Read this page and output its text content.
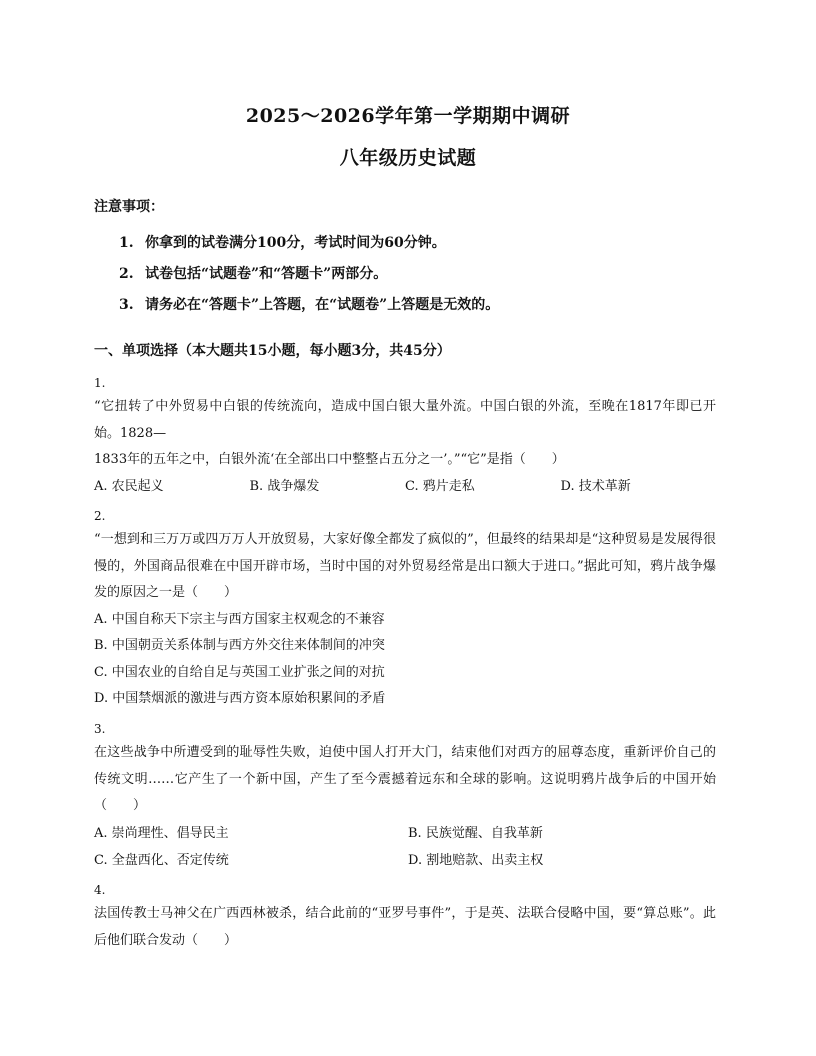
2025～2026学年第一学期期中调研
八年级历史试题
注意事项：
1. 你拿到的试卷满分100分，考试时间为60分钟。
2. 试卷包括“试题卷”和“答题卡”两部分。
3. 请务必在“答题卡”上答题，在“试题卷”上答题是无效的。
一、单项选择（本大题共15小题，每小题3分，共45分）
1.
“它扭转了中外贸易中白银的传统流向，造成中国白银大量外流。中国白银的外流，至晚在1817年即已开始。1828—
1833年的五年之中，白银外流‘在全部出口中整整占五分之一’。”“它”是指（　　）
A. 农民起义	B. 战争爆发	C. 鸦片走私	D. 技术革新
2.
“一想到和三万万或四万万人开放贸易，大家好像全都发了疯似的”，但最终的结果却是“这种贸易是发展得很慢的，外国商品很难在中国开辟市场，当时中国的对外贸易经常是出口额大于进口。”据此可知，鸦片战争爆发的原因之一是（　　）
A. 中国自称天下宗主与西方国家主权观念的不兼容
B. 中国朝贡关系体制与西方外交往来体制间的冲突
C. 中国农业的自给自足与英国工业扩张之间的对抗
D. 中国禁烟派的激进与西方资本原始积累间的矛盾
3.
在这些战争中所遭受到的耻辱性失败，迫使中国人打开大门，结束他们对西方的屈尊态度，重新评价自己的传统文明……它产生了一个新中国，产生了至今震撼着远东和全球的影响。这说明鸦片战争后的中国开始（　　）
A. 崇尚理性、倡导民主	B. 民族觉醒、自我革新
C. 全盘西化、否定传统	D. 割地赔款、出卖主权
4.
法国传教士马神父在广西西林被杀，结合此前的“亚罗号事件”，于是英、法联合侵略中国，要“算总账”。此后他们联合发动（　　）
